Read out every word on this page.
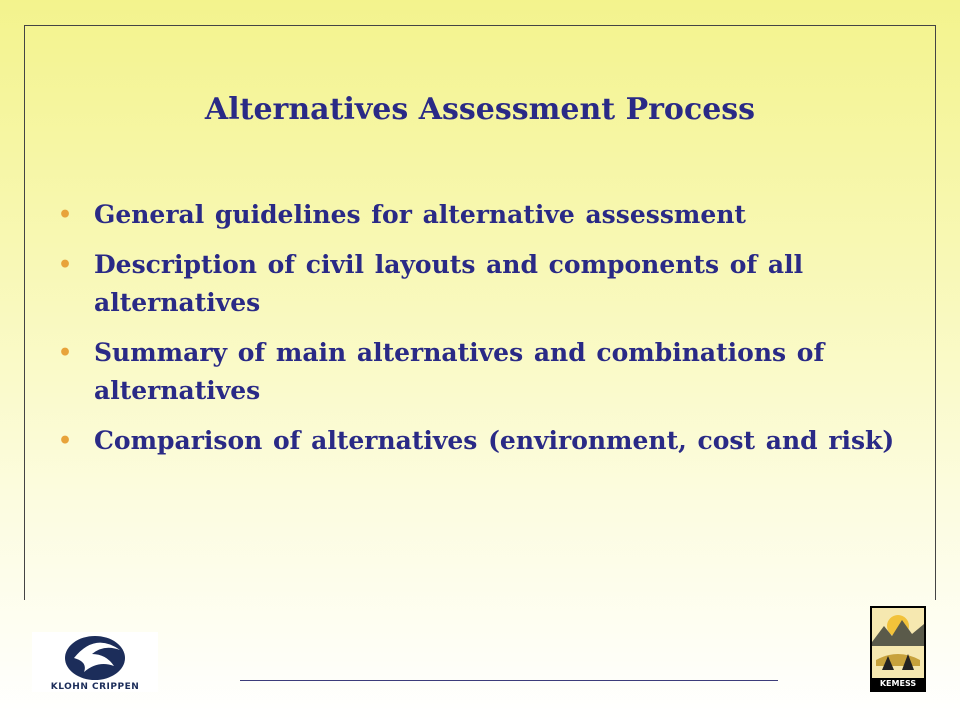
Alternatives Assessment Process
• General guidelines for alternative assessment
• Description of civil layouts and components of all alternatives
• Summary of main alternatives and combinations of alternatives
• Comparison of alternatives (environment, cost and risk)
KLOHN CRIPPEN	KEMESS
